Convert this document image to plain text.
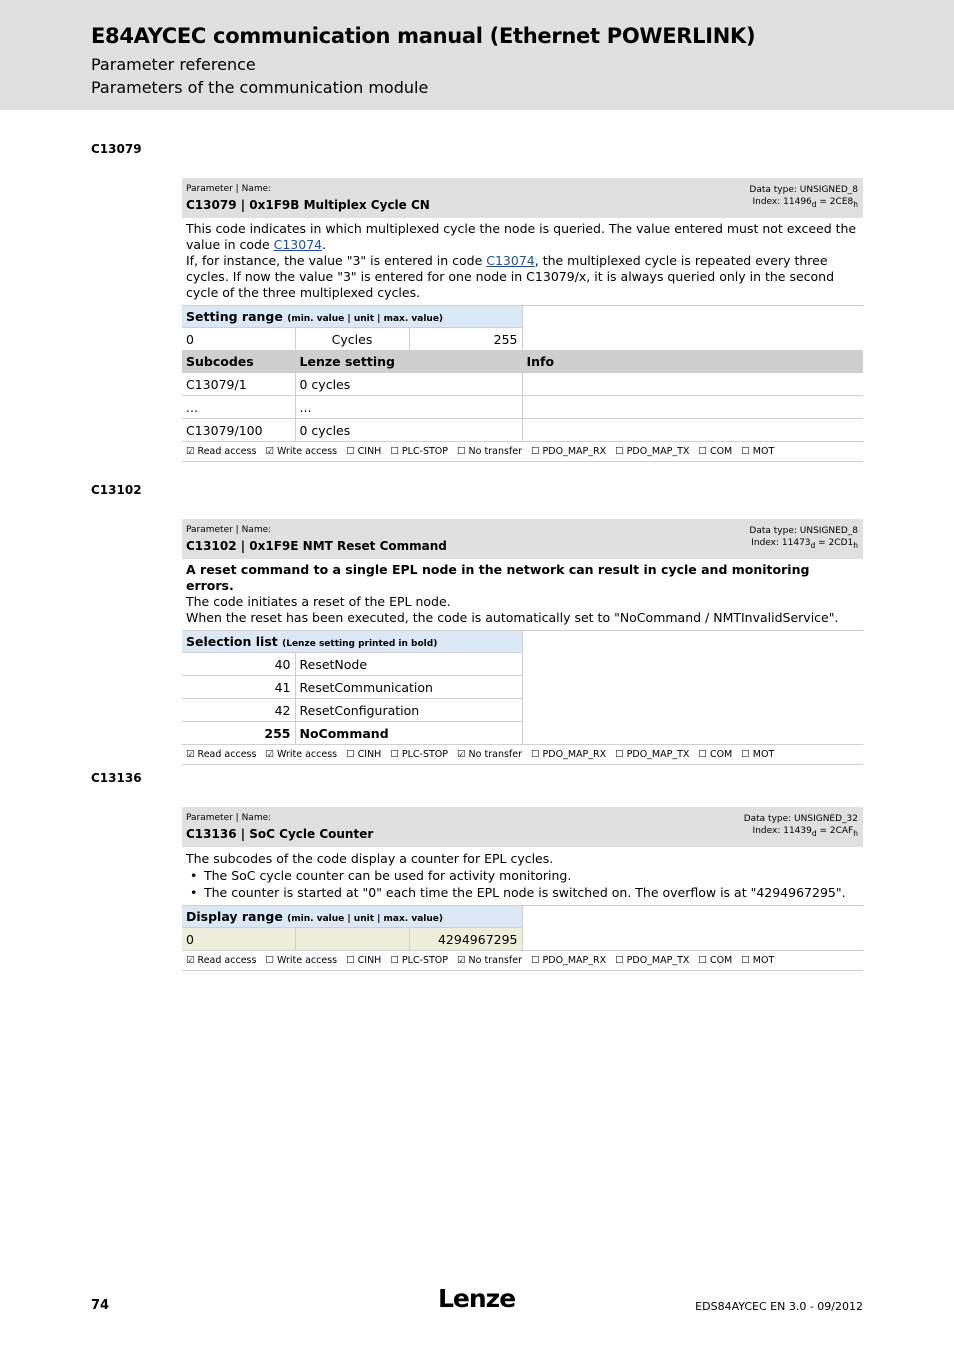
E84AYCEC communication manual (Ethernet POWERLINK)
Parameter reference
Parameters of the communication module
C13079
Parameter | Name:
C13079 | 0x1F9B Multiplex Cycle CN
Data type: UNSIGNED_8
Index: $11496_d = 2CE8_h$
This code indicates in which multiplexed cycle the node is queried. The value entered must not exceed the value in code C13074.
If, for instance, the value "3" is entered in code C13074, the multiplexed cycle is repeated every three cycles. If now the value "3" is entered for one node in C13079/x, it is always queried only in the second cycle of the three multiplexed cycles.
Setting range (min. value | unit | max. value)			
0	Cycles	255	
Subcodes	Lenze setting	Info
C13079/1	0 cycles	
...	...	
C13079/100	0 cycles	
☑ Read access ☑ Write access ☐ CINH ☐ PLC-STOP ☐ No transfer ☐ PDO_MAP_RX ☐ PDO_MAP_TX ☐ COM ☐ MOT
C13102
Parameter | Name:
C13102 | 0x1F9E NMT Reset Command
Data type: UNSIGNED_8
Index: $11473_d = 2CD1_h$
A reset command to a single EPL node in the network can result in cycle and monitoring errors.
The code initiates a reset of the EPL node.
When the reset has been executed, the code is automatically set to "NoCommand / NMTInvalidService".
Selection list (Lenze setting printed in bold)		
40	ResetNode	
41	ResetCommunication	
42	ResetConfiguration	
255	NoCommand	
☑ Read access ☑ Write access ☐ CINH ☐ PLC-STOP ☑ No transfer ☐ PDO_MAP_RX ☐ PDO_MAP_TX ☐ COM ☐ MOT
C13136
Parameter | Name:
C13136 | SoC Cycle Counter
Data type: UNSIGNED_32
Index: $11439_d = 2CAF_h$
The subcodes of the code display a counter for EPL cycles.
• The SoC cycle counter can be used for activity monitoring.
• The counter is started at "0" each time the EPL node is switched on. The overflow is at "4294967295".
Display range (min. value | unit | max. value)			
0		4294967295	
☑ Read access ☐ Write access ☐ CINH ☐ PLC-STOP ☑ No transfer ☐ PDO_MAP_RX ☐ PDO_MAP_TX ☐ COM ☐ MOT
74	Lenze	EDS84AYCEC EN 3.0 - 09/2012
